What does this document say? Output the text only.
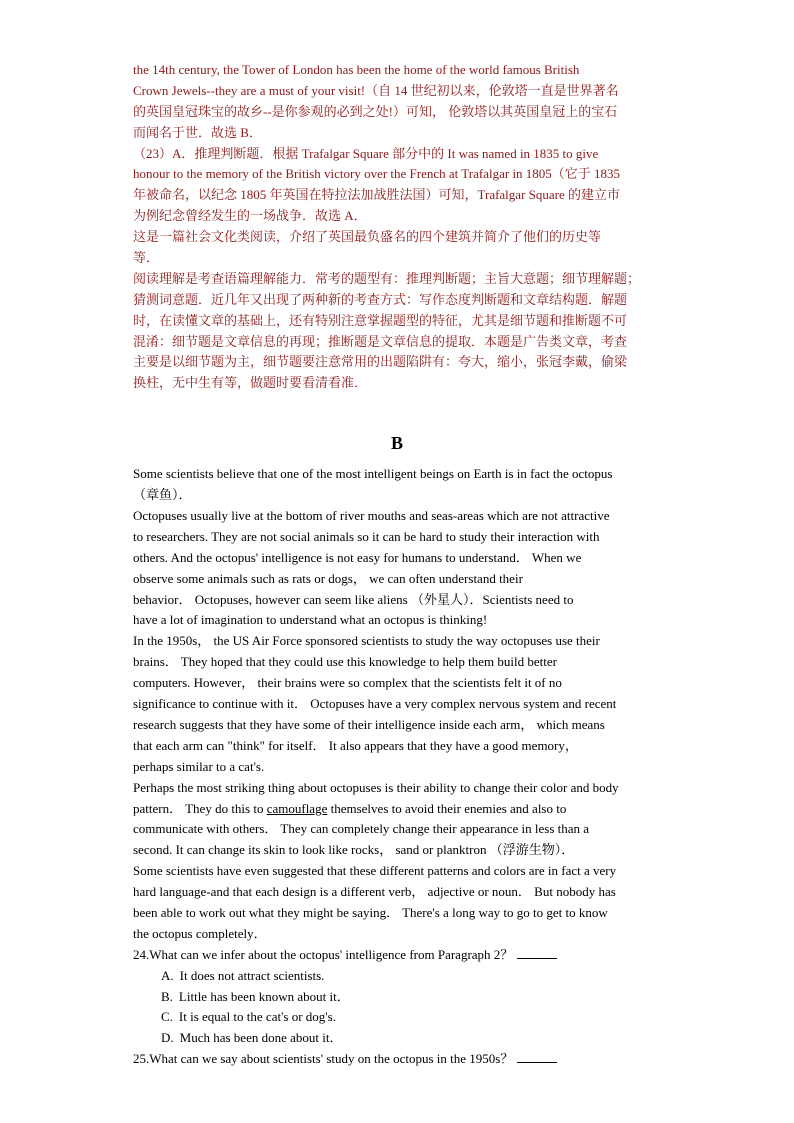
the 14th century, the Tower of London has been the home of the world famous British
Crown Jewels--they are a must of your visit!（自 14 世纪初以来，伦敦塔一直是世界著名
的英国皇冠珠宝的故乡--是你参观的必到之处!）可知， 伦敦塔以其英国皇冠上的宝石
而闻名于世．故选 B．
（23）A．推理判断题．根据 Trafalgar Square 部分中的 It was named in 1835 to give
honour to the memory of the British victory over the French at Trafalgar in 1805（它于 1835
年被命名，以纪念 1805 年英国在特拉法加战胜法国）可知，Trafalgar Square 的建立市
为例纪念曾经发生的一场战争．故选 A．
这是一篇社会文化类阅读，介绍了英国最负盛名的四个建筑并简介了他们的历史等
等．
阅读理解是考查语篇理解能力．常考的题型有：推理判断题；主旨大意题；细节理解题；
猜测词意题．近几年又出现了两种新的考查方式：写作态度判断题和文章结构题．解题
时，在读懂文章的基础上，还有特别注意掌握题型的特征，尤其是细节题和推断题不可
混淆：细节题是文章信息的再现；推断题是文章信息的提取．本题是广告类文章，考查
主要是以细节题为主，细节题要注意常用的出题陷阱有：夸大，缩小，张冠李戴，偷梁
换柱，无中生有等，做题时要看清看准．
B
Some scientists believe that one of the most intelligent beings on Earth is in fact the octopus
（章鱼）．
Octopuses usually live at the bottom of river mouths and seas-areas which are not attractive
to researchers. They are not social animals so it can be hard to study their interaction with
others. And the octopus' intelligence is not easy for humans to understand． When we
observe some animals such as rats or dogs， we can often understand their
behavior． Octopuses, however can seem like aliens （外星人）．Scientists need to
have a lot of imagination to understand what an octopus is thinking!
In the 1950s， the US Air Force sponsored scientists to study the way octopuses use their
brains． They hoped that they could use this knowledge to help them build better
computers. However， their brains were so complex that the scientists felt it of no
significance to continue with it． Octopuses have a very complex nervous system and recent
research suggests that they have some of their intelligence inside each arm， which means
that each arm can "think" for itself． It also appears that they have a good memory，
perhaps similar to a cat's.
Perhaps the most striking thing about octopuses is their ability to change their color and body
pattern． They do this to camouflage themselves to avoid their enemies and also to
communicate with others． They can completely change their appearance in less than a
second. It can change its skin to look like rocks， sand or planktron （浮游生物）．
Some scientists have even suggested that these different patterns and colors are in fact a very
hard language-and that each design is a different verb， adjective or noun． But nobody has
been able to work out what they might be saying． There's a long way to go to get to know
the octopus completely．
24.What can we infer about the octopus' intelligence from Paragraph 2？
A. It does not attract scientists.
B. Little has been known about it．
C. It is equal to the cat's or dog's.
D. Much has been done about it．
25.What can we say about scientists' study on the octopus in the 1950s？
